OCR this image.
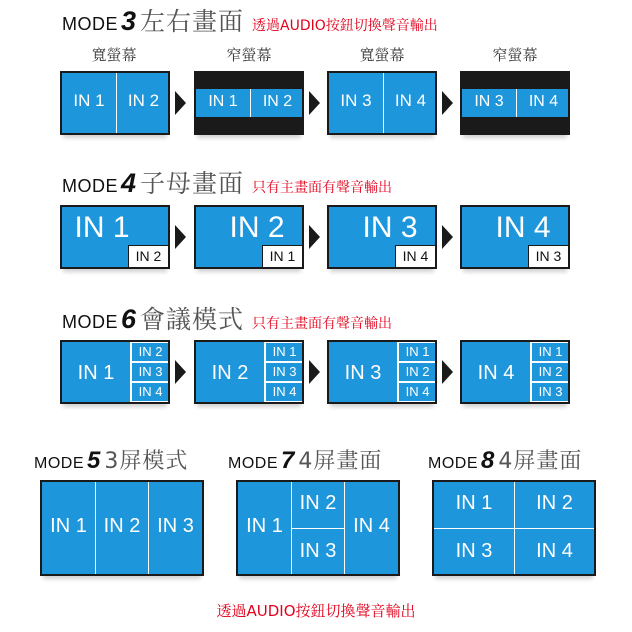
MODE 3 左右畫面 透過AUDIO按鈕切換聲音輸出
寬螢幕	窄螢幕	寬螢幕	窄螢幕
IN 1	IN 2	IN 1	IN 2	IN 3	IN 4	IN 3	IN 4
MODE 4 子母畫面 只有主畫面有聲音輸出
IN 1
IN 2
IN 2
IN 1
IN 3
IN 4
IN 4
IN 3
MODE 6 會議模式 只有主畫面有聲音輸出
IN 1
IN 2
IN 3
IN 4
IN 2
IN 1
IN 3
IN 4
IN 3
IN 1
IN 2
IN 4
IN 4
IN 1
IN 2
IN 3
MODE 5 3屏模式 MODE 7 4屏畫面	MODE 8 4屏畫面
IN 1 IN 2 IN 3	IN 1
IN 2
IN 3
IN 4
IN 1	IN 2
IN 3	IN 4
透過AUDIO按鈕切換聲音輸出
